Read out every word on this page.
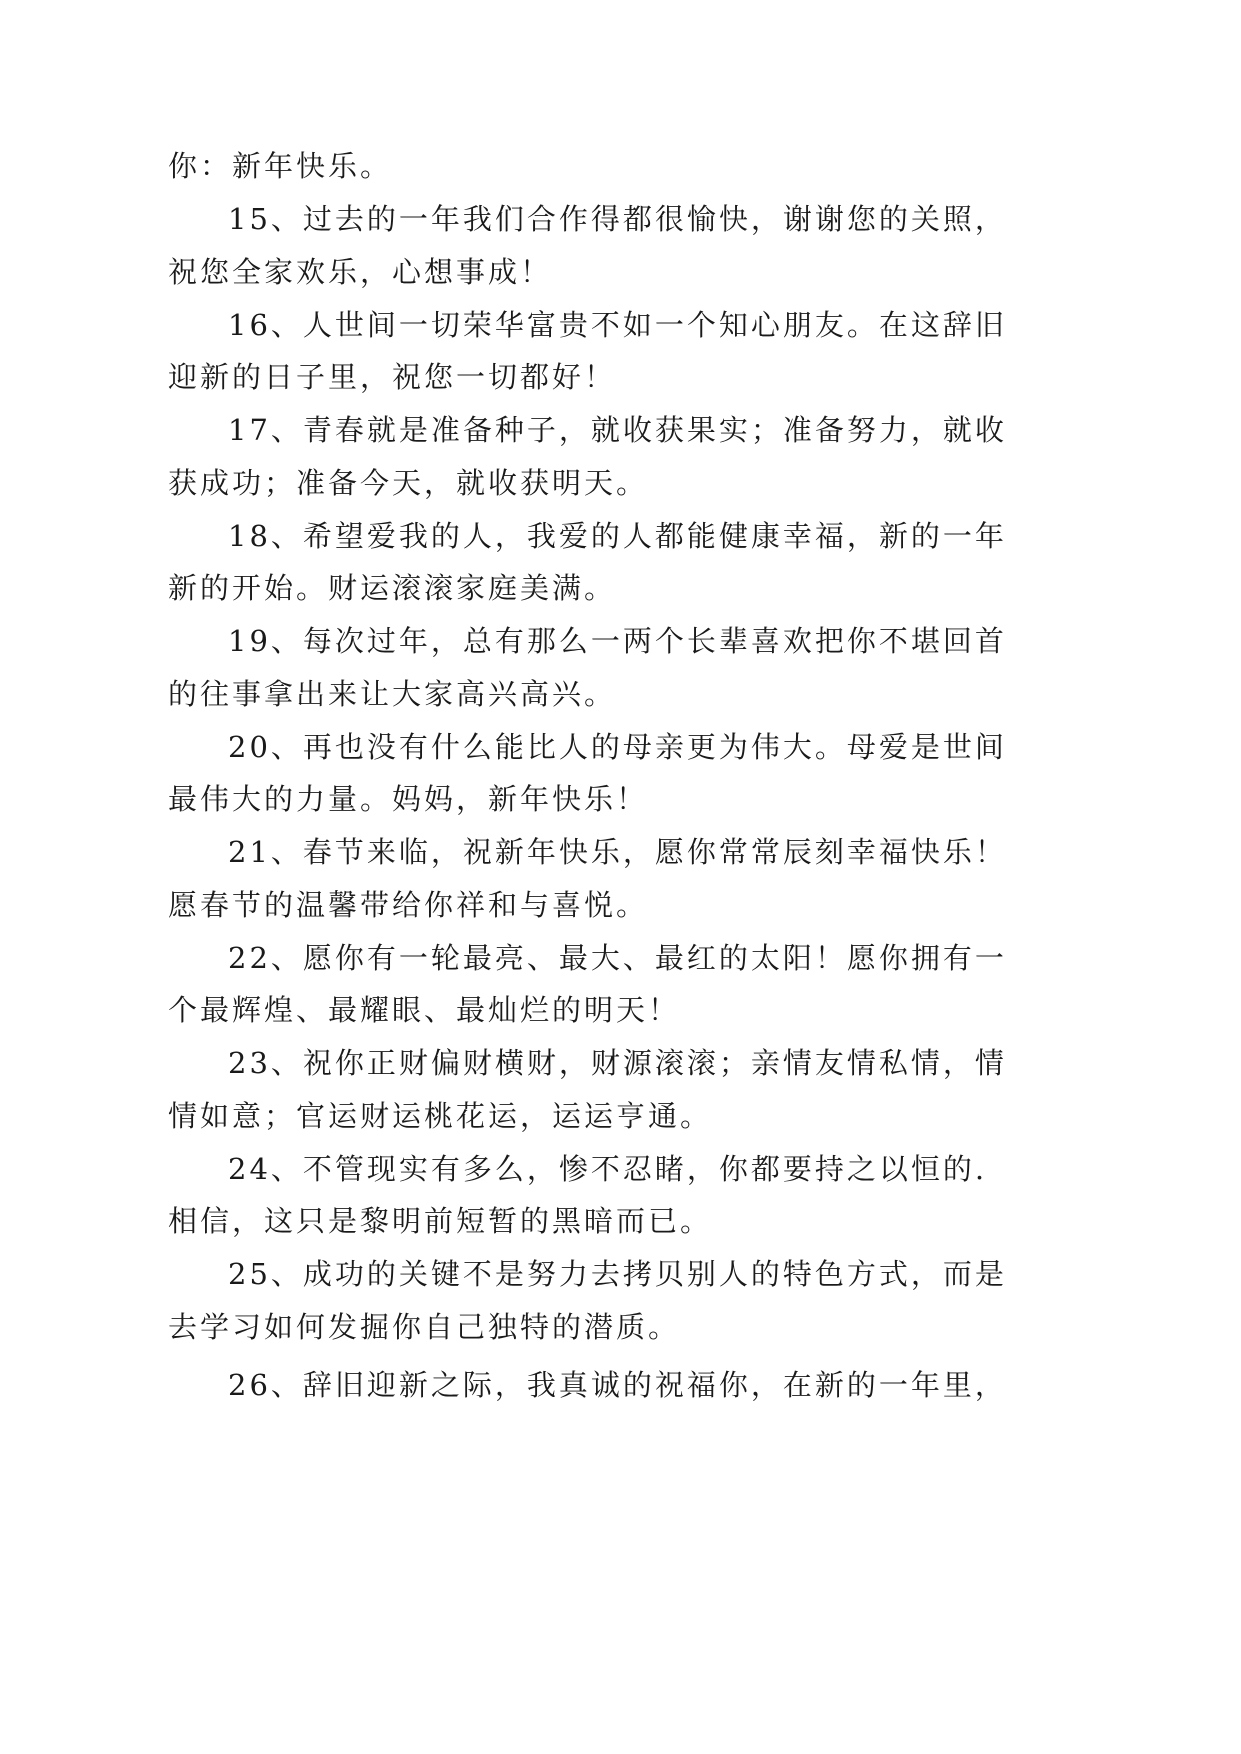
你：新年快乐。
15、过去的一年我们合作得都很愉快，谢谢您的关照，
祝您全家欢乐，心想事成！
16、人世间一切荣华富贵不如一个知心朋友。在这辞旧
迎新的日子里，祝您一切都好！
17、青春就是准备种子，就收获果实；准备努力，就收
获成功；准备今天，就收获明天。
18、希望爱我的人，我爱的人都能健康幸福，新的一年
新的开始。财运滚滚家庭美满。
19、每次过年，总有那么一两个长辈喜欢把你不堪回首
的往事拿出来让大家高兴高兴。
20、再也没有什么能比人的母亲更为伟大。母爱是世间
最伟大的力量。妈妈，新年快乐！
21、春节来临，祝新年快乐，愿你常常辰刻幸福快乐！
愿春节的温馨带给你祥和与喜悦。
22、愿你有一轮最亮、最大、最红的太阳！愿你拥有一
个最辉煌、最耀眼、最灿烂的明天！
23、祝你正财偏财横财，财源滚滚；亲情友情私情，情
情如意；官运财运桃花运，运运亨通。
24、不管现实有多么，惨不忍睹，你都要持之以恒的.
相信，这只是黎明前短暂的黑暗而已。
25、成功的关键不是努力去拷贝别人的特色方式，而是
去学习如何发掘你自己独特的潜质。
26、辞旧迎新之际，我真诚的祝福你，在新的一年里，
